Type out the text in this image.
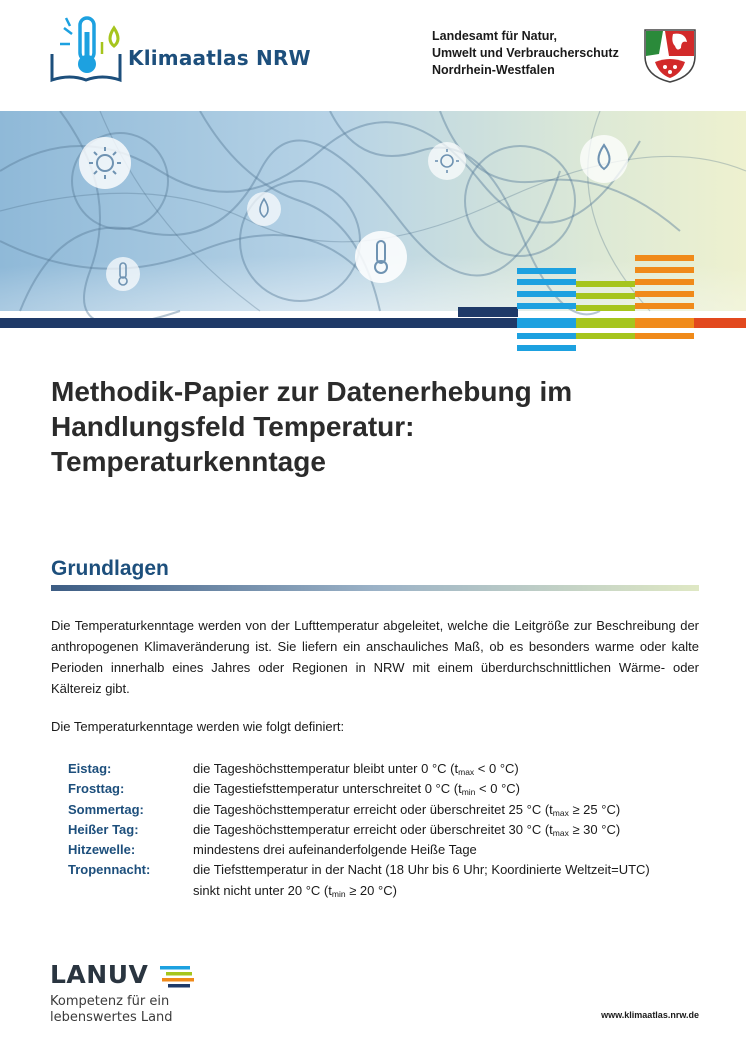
Klimaatlas NRW
Landesamt für Natur,
Umwelt und Verbraucherschutz
Nordrhein-Westfalen
Methodik-Papier zur Datenerhebung im
Handlungsfeld Temperatur:
Temperaturkenntage
Grundlagen
Die Temperaturkenntage werden von der Lufttemperatur abgeleitet, welche die Leitgröße zur Beschreibung der anthropogenen Klimaveränderung ist. Sie liefern ein anschauliches Maß, ob es besonders warme oder kalte Perioden innerhalb eines Jahres oder Regionen in NRW mit einem überdurchschnittlichen Wärme- oder Kältereiz gibt.
Die Temperaturkenntage werden wie folgt definiert:
Eistag:	die Tageshöchsttemperatur bleibt unter 0 °C ($t_{max} < 0$ °C)
Frosttag:	die Tagestiefsttemperatur unterschreitet 0 °C ($t_{min} < 0$ °C)
Sommertag:	die Tageshöchsttemperatur erreicht oder überschreitet 25 °C ($t_{max} \ge 25$ °C)
Heißer Tag:	die Tageshöchsttemperatur erreicht oder überschreitet 30 °C ($t_{max} \ge 30$ °C)
Hitzewelle:	mindestens drei aufeinanderfolgende Heiße Tage
Tropennacht:	die Tiefsttemperatur in der Nacht (18 Uhr bis 6 Uhr; Koordinierte Weltzeit=UTC)
sinkt nicht unter 20 °C ($t_{min} \ge 20$ °C)
LANUV
Kompetenz für ein
lebenswertes Land	www.klimaatlas.nrw.de
